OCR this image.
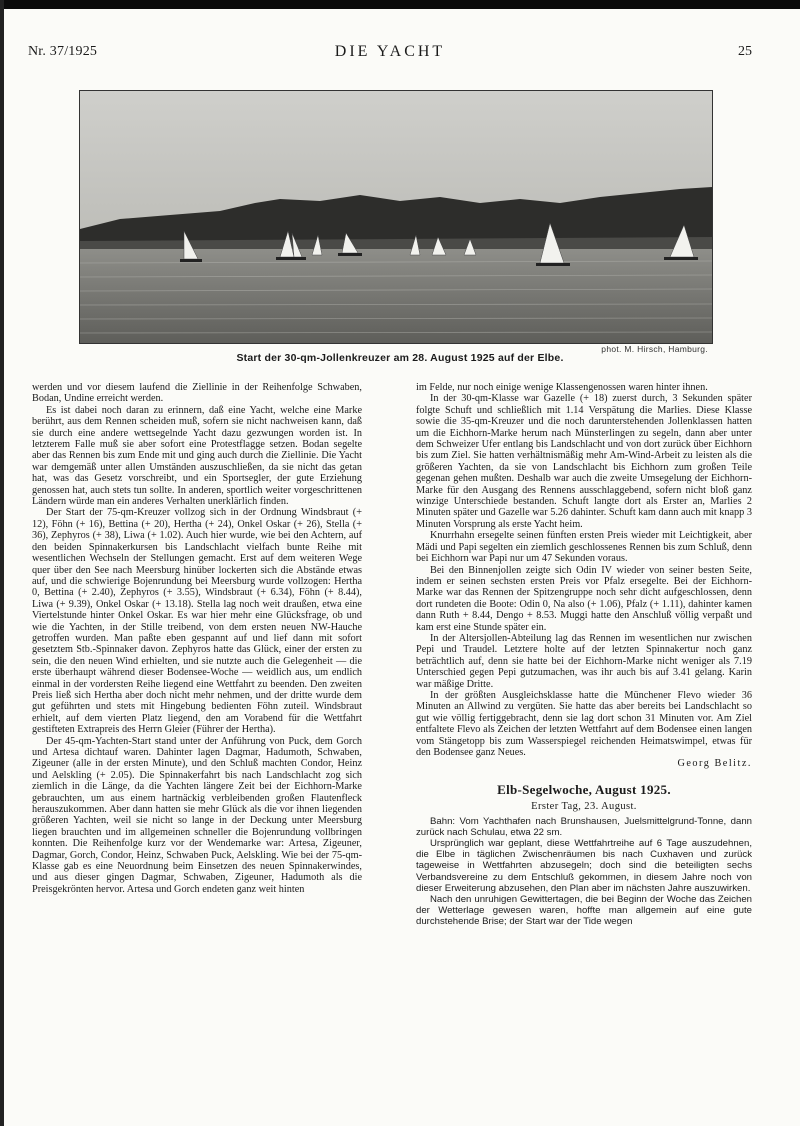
Nr. 37/1925	DIE YACHT	25
phot. M. Hirsch, Hamburg.
Start der 30-qm-Jollenkreuzer am 28. August 1925 auf der Elbe.

werden und vor diesem laufend die Ziellinie in der Reihenfolge Schwaben, Bodan, Undine erreicht werden.

Es ist dabei noch daran zu erinnern, daß eine Yacht, welche eine Marke berührt, aus dem Rennen scheiden muß, sofern sie nicht nachweisen kann, daß sie durch eine andere wettsegelnde Yacht dazu gezwungen worden ist. In letzterem Falle muß sie aber sofort eine Protestflagge setzen. Bodan segelte aber das Rennen bis zum Ende mit und ging auch durch die Ziellinie. Die Yacht war demgemäß unter allen Umständen auszuschließen, da sie nicht das getan hat, was das Gesetz vorschreibt, und ein Sportsegler, der gute Erziehung genossen hat, auch stets tun sollte. In anderen, sportlich weiter vorgeschrittenen Ländern würde man ein anderes Verhalten unerklärlich finden.

Der Start der 75-qm-Kreuzer vollzog sich in der Ordnung Windsbraut (+ 12), Föhn (+ 16), Bettina (+ 20), Hertha (+ 24), Onkel Oskar (+ 26), Stella (+ 36), Zephyros (+ 38), Liwa (+ 1.02). Auch hier wurde, wie bei den Achtern, auf den beiden Spinnakerkursen bis Landschlacht vielfach bunte Reihe mit wesentlichen Wechseln der Stellungen gemacht. Erst auf dem weiteren Wege quer über den See nach Meersburg hinüber lockerten sich die Abstände etwas auf, und die schwierige Bojenrundung bei Meersburg wurde vollzogen: Hertha 0, Bettina (+ 2.40), Zephyros (+ 3.55), Windsbraut (+ 6.34), Föhn (+ 8.44), Liwa (+ 9.39), Onkel Oskar (+ 13.18). Stella lag noch weit draußen, etwa eine Viertelstunde hinter Onkel Oskar. Es war hier mehr eine Glücksfrage, ob und wie die Yachten, in der Stille treibend, von dem ersten neuen NW-Hauche getroffen wurden. Man paßte eben gespannt auf und lief dann mit sofort gesetztem Stb.-Spinnaker davon. Zephyros hatte das Glück, einer der ersten zu sein, die den neuen Wind erhielten, und sie nutzte auch die Gelegenheit — die erste überhaupt während dieser Bodensee-Woche — weidlich aus, um endlich einmal in der vordersten Reihe liegend eine Wettfahrt zu beenden. Den zweiten Preis ließ sich Hertha aber doch nicht mehr nehmen, und der dritte wurde dem gut geführten und stets mit Hingebung bedienten Föhn zuteil. Windsbraut erhielt, auf dem vierten Platz liegend, den am Vorabend für die Wettfahrt gestifteten Extrapreis des Herrn Gleier (Führer der Hertha).

Der 45-qm-Yachten-Start stand unter der Anführung von Puck, dem Gorch und Artesa dichtauf waren. Dahinter lagen Dagmar, Hadumoth, Schwaben, Zigeuner (alle in der ersten Minute), und den Schluß machten Condor, Heinz und Aelskling (+ 2.05). Die Spinnakerfahrt bis nach Landschlacht zog sich ziemlich in die Länge, da die Yachten längere Zeit bei der Eichhorn-Marke gebrauchten, um aus einem hartnäckig verbleibenden großen Flautenfleck herauszukommen. Aber dann hatten sie mehr Glück als die vor ihnen liegenden größeren Yachten, weil sie nicht so lange in der Deckung unter Meersburg liegen brauchten und im allgemeinen schneller die Bojenrundung vollbringen konnten. Die Reihenfolge kurz vor der Wendemarke war: Artesa, Zigeuner, Dagmar, Gorch, Condor, Heinz, Schwaben Puck, Aelskling. Wie bei der 75-qm-Klasse gab es eine Neuordnung beim Einsetzen des neuen Spinnakerwindes, und aus dieser gingen Dagmar, Schwaben, Zigeuner, Hadumoth als die Preisgekrönten hervor. Artesa und Gorch endeten ganz weit hinten

im Felde, nur noch einige wenige Klassengenossen waren hinter ihnen.

In der 30-qm-Klasse war Gazelle (+ 18) zuerst durch, 3 Sekunden später folgte Schuft und schließlich mit 1.14 Verspätung die Marlies. Diese Klasse sowie die 35-qm-Kreuzer und die noch darunterstehenden Jollenklassen hatten um die Eichhorn-Marke herum nach Münsterlingen zu segeln, dann aber unter dem Schweizer Ufer entlang bis Landschlacht und von dort zurück über Eichhorn bis zum Ziel. Sie hatten verhältnismäßig mehr Am-Wind-Arbeit zu leisten als die größeren Yachten, da sie von Landschlacht bis Eichhorn zum großen Teile gegenan gehen mußten. Deshalb war auch die zweite Umsegelung der Eichhorn-Marke für den Ausgang des Rennens ausschlaggebend, sofern nicht bloß ganz winzige Unterschiede bestanden. Schuft langte dort als Erster an, Marlies 2 Minuten später und Gazelle war 5.26 dahinter. Schuft kam dann auch mit knapp 3 Minuten Vorsprung als erste Yacht heim.

Knurrhahn ersegelte seinen fünften ersten Preis wieder mit Leichtigkeit, aber Mädi und Papi segelten ein ziemlich geschlossenes Rennen bis zum Schluß, denn bei Eichhorn war Papi nur um 47 Sekunden voraus.

Bei den Binnenjollen zeigte sich Odin IV wieder von seiner besten Seite, indem er seinen sechsten ersten Preis vor Pfalz ersegelte. Bei der Eichhorn-Marke war das Rennen der Spitzengruppe noch sehr dicht aufgeschlossen, denn dort rundeten die Boote: Odin 0, Na also (+ 1.06), Pfalz (+ 1.11), dahinter kamen dann Ruth + 8.44, Dengo + 8.53. Muggi hatte den Anschluß völlig verpaßt und kam erst eine Stunde später ein.

In der Altersjollen-Abteilung lag das Rennen im wesentlichen nur zwischen Pepi und Traudel. Letztere holte auf der letzten Spinnakertur noch ganz beträchtlich auf, denn sie hatte bei der Eichhorn-Marke nicht weniger als 7.19 Unterschied gegen Pepi gutzumachen, was ihr auch bis auf 3.41 gelang. Karin war mäßige Dritte.

In der größten Ausgleichsklasse hatte die Münchener Flevo wieder 36 Minuten an Allwind zu vergüten. Sie hatte das aber bereits bei Landschlacht so gut wie völlig fertiggebracht, denn sie lag dort schon 31 Minuten vor. Am Ziel entfaltete Flevo als Zeichen der letzten Wettfahrt auf dem Bodensee einen langen vom Stängetopp bis zum Wasserspiegel reichenden Heimatswimpel, etwas für den Bodensee ganz Neues.

Georg Belitz.

Elb-Segelwoche, August 1925.
Erster Tag, 23. August.

Bahn: Vom Yachthafen nach Brunshausen, Juelsmittelgrund-Tonne, dann zurück nach Schulau, etwa 22 sm.

Ursprünglich war geplant, diese Wettfahrtreihe auf 6 Tage auszudehnen, die Elbe in täglichen Zwischenräumen bis nach Cuxhaven und zurück tageweise in Wettfahrten abzusegeln; doch sind die beteiligten sechs Verbandsvereine zu dem Entschluß gekommen, in diesem Jahre noch von dieser Erweiterung abzusehen, den Plan aber im nächsten Jahre auszuwirken.

Nach den unruhigen Gewittertagen, die bei Beginn der Woche das Zeichen der Wetterlage gewesen waren, hoffte man allgemein auf eine gute durchstehende Brise; der Start war der Tide wegen
